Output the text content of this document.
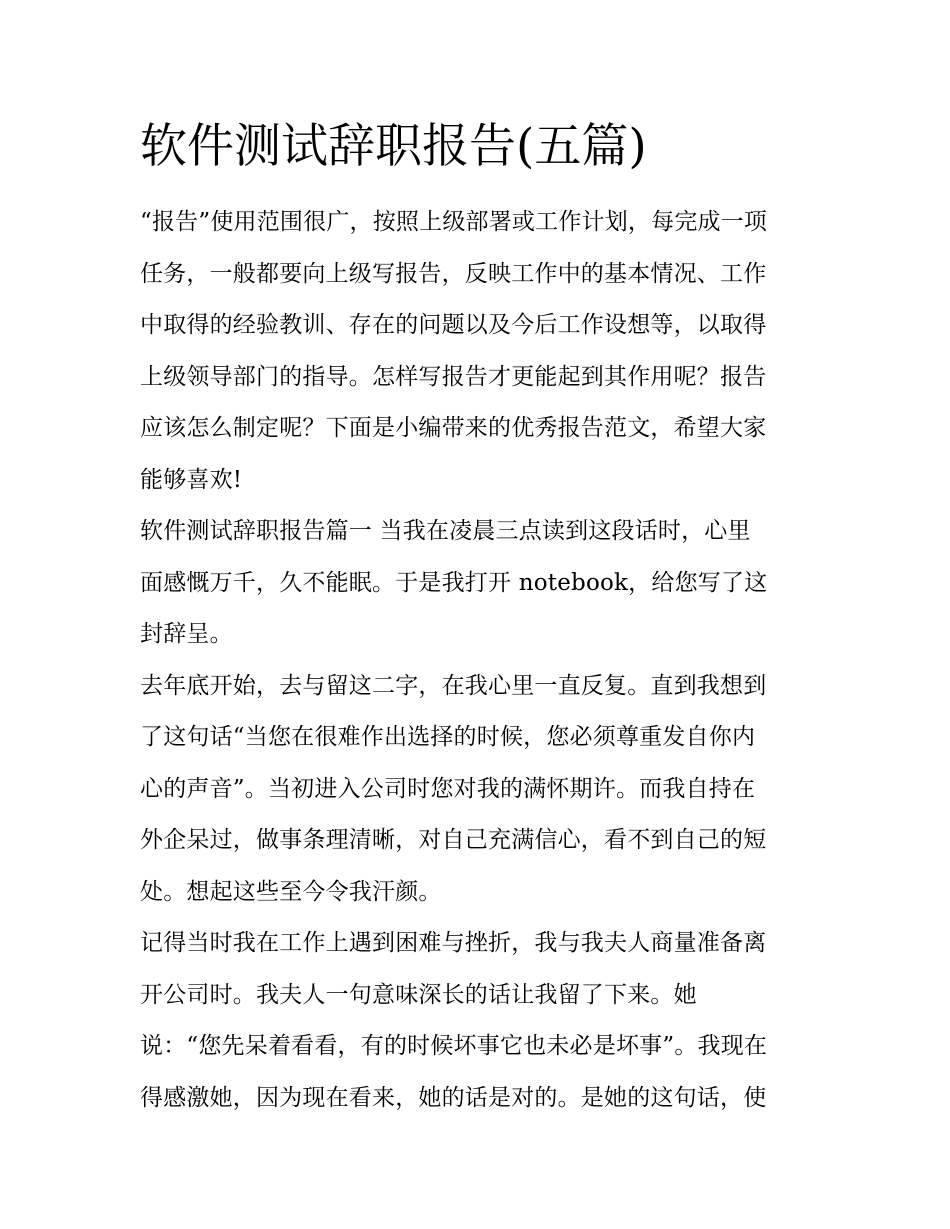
软件测试辞职报告(五篇)
“报告”使用范围很广，按照上级部署或工作计划，每完成一项
任务，一般都要向上级写报告，反映工作中的基本情况、工作
中取得的经验教训、存在的问题以及今后工作设想等，以取得
上级领导部门的指导。怎样写报告才更能起到其作用呢？报告
应该怎么制定呢？下面是小编带来的优秀报告范文，希望大家
能够喜欢!
软件测试辞职报告篇一 当我在凌晨三点读到这段话时，心里
面感慨万千，久不能眠。于是我打开 notebook，给您写了这
封辞呈。
去年底开始，去与留这二字，在我心里一直反复。直到我想到
了这句话“当您在很难作出选择的时候，您必须尊重发自你内
心的声音”。当初进入公司时您对我的满怀期许。而我自持在
外企呆过，做事条理清晰，对自己充满信心，看不到自己的短
处。想起这些至今令我汗颜。
记得当时我在工作上遇到困难与挫折，我与我夫人商量准备离
开公司时。我夫人一句意味深长的话让我留了下来。她
说：“您先呆着看看，有的时候坏事它也未必是坏事”。我现在
得感激她，因为现在看来，她的话是对的。是她的这句话，使
